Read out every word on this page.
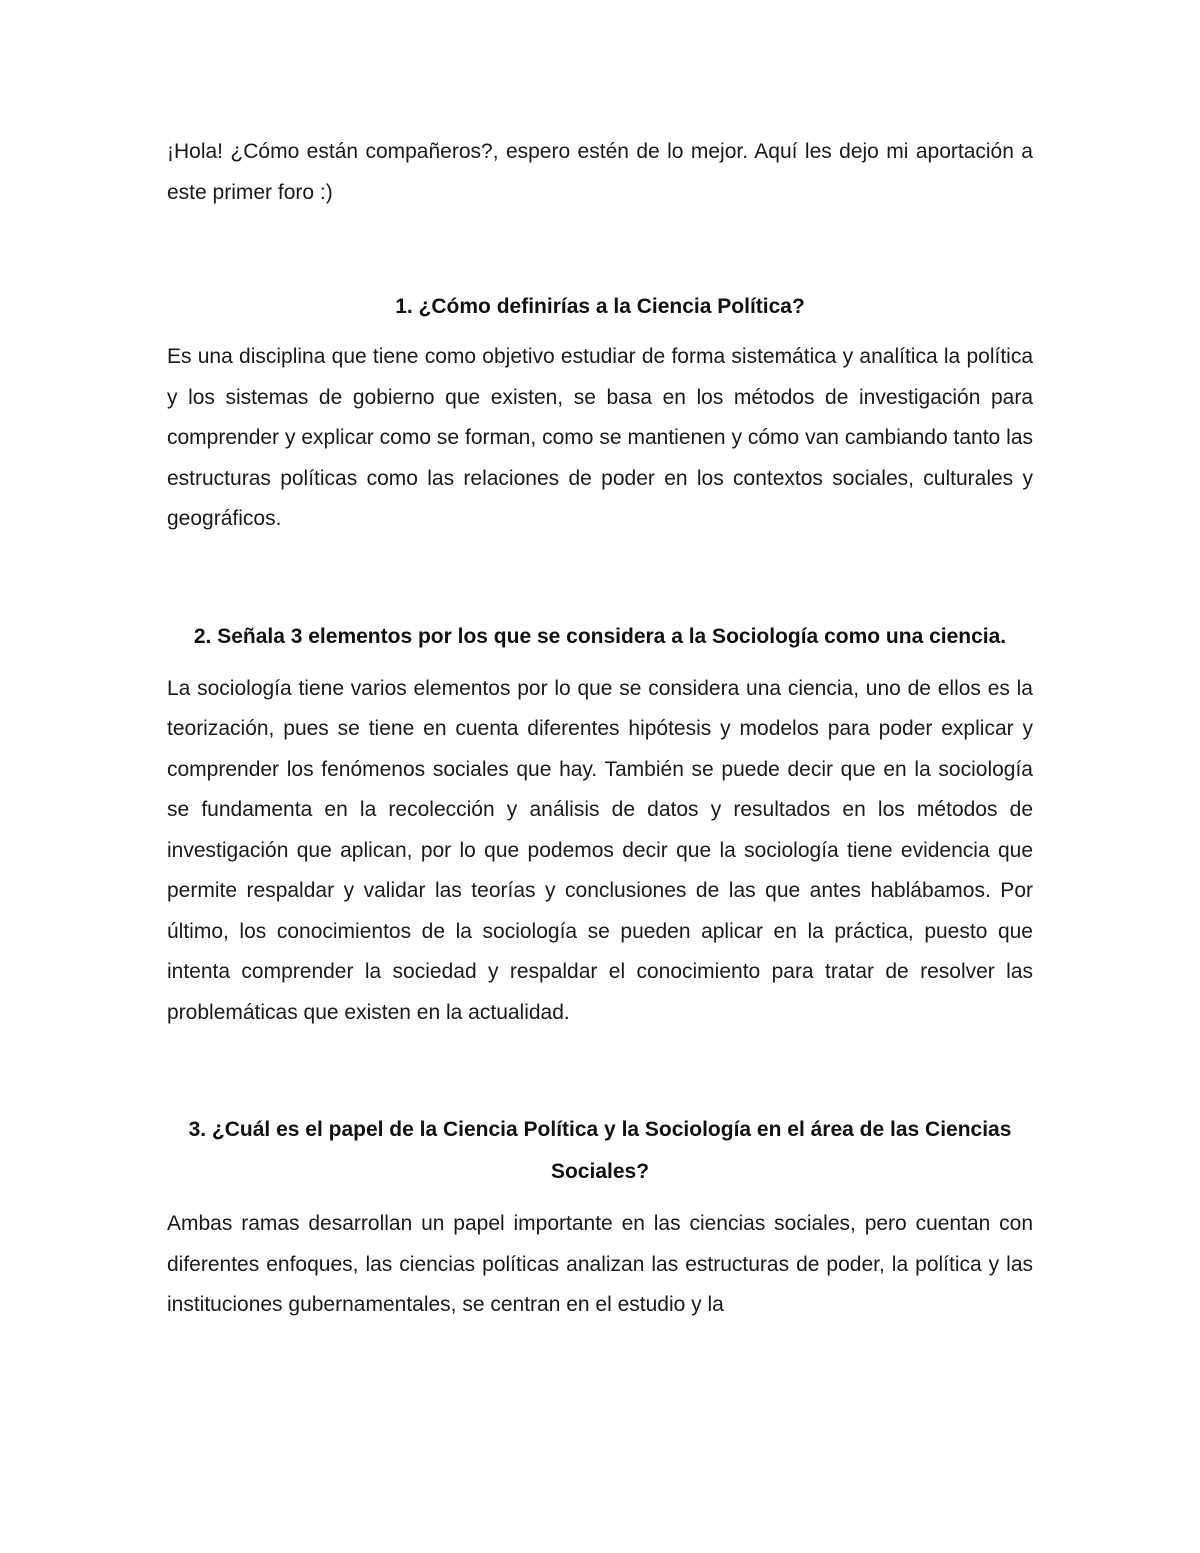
¡Hola! ¿Cómo están compañeros?, espero estén de lo mejor. Aquí les dejo mi aportación a este primer foro :)

1. ¿Cómo definirías a la Ciencia Política?

Es una disciplina que tiene como objetivo estudiar de forma sistemática y analítica la política y los sistemas de gobierno que existen, se basa en los métodos de investigación para comprender y explicar como se forman, como se mantienen y cómo van cambiando tanto las estructuras políticas como las relaciones de poder en los contextos sociales, culturales y geográficos.

2. Señala 3 elementos por los que se considera a la Sociología como una ciencia.

La sociología tiene varios elementos por lo que se considera una ciencia, uno de ellos es la teorización, pues se tiene en cuenta diferentes hipótesis y modelos para poder explicar y comprender los fenómenos sociales que hay. También se puede decir que en la sociología se fundamenta en la recolección y análisis de datos y resultados en los métodos de investigación que aplican, por lo que podemos decir que la sociología tiene evidencia que permite respaldar y validar las teorías y conclusiones de las que antes hablábamos. Por último, los conocimientos de la sociología se pueden aplicar en la práctica, puesto que intenta comprender la sociedad y respaldar el conocimiento para tratar de resolver las problemáticas que existen en la actualidad.

3. ¿Cuál es el papel de la Ciencia Política y la Sociología en el área de las Ciencias Sociales?

Ambas ramas desarrollan un papel importante en las ciencias sociales, pero cuentan con diferentes enfoques, las ciencias políticas analizan las estructuras de poder, la política y las instituciones gubernamentales, se centran en el estudio y la
